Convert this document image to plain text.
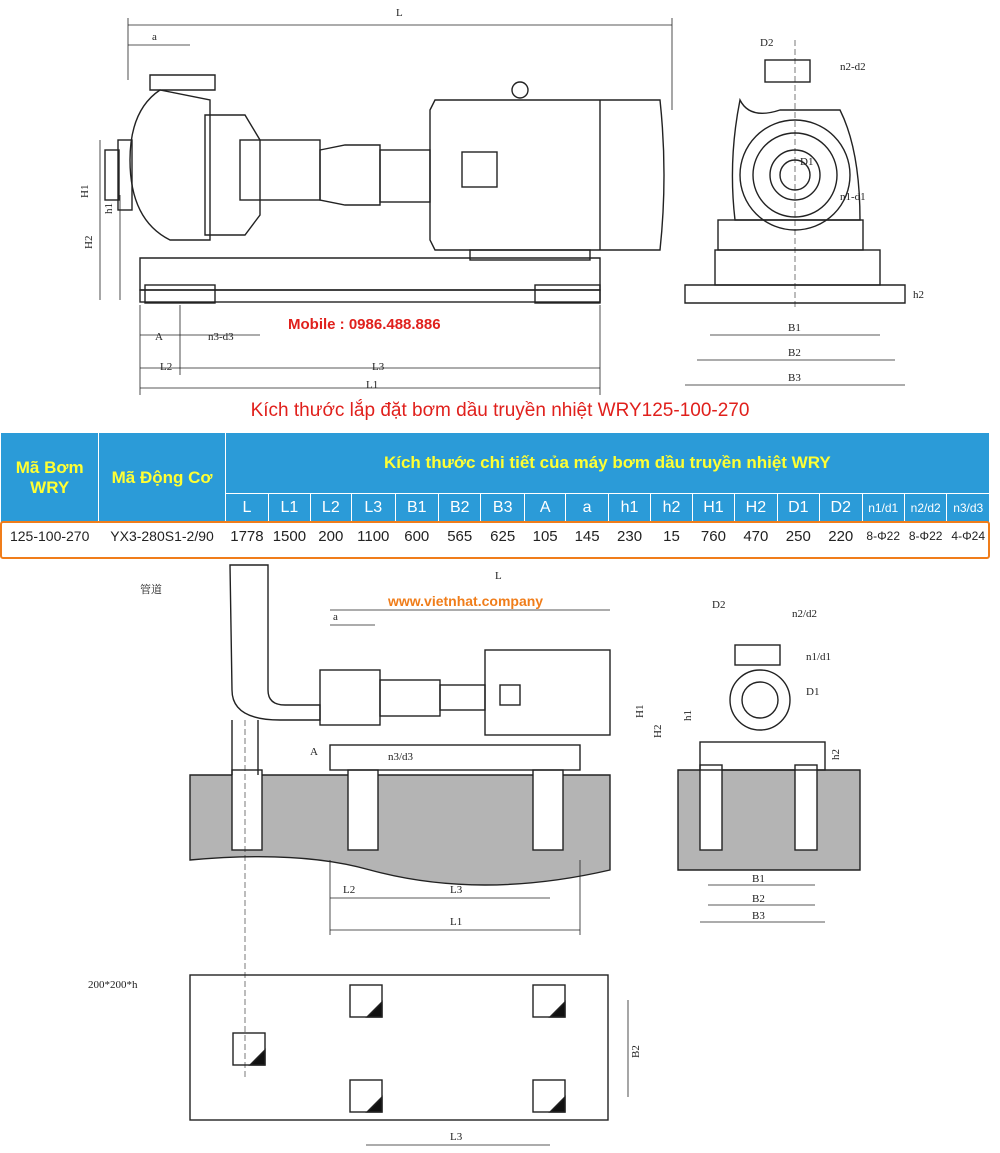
L
a
H1
H2
h1
A	n3-d3
L2	L3
L1
D2
n2-d2
D1
n1-d1
h2
B1
B2
B3
管道
L
a
A	n3/d3
L2	L3
L1
D2
n2/d2
n1/d1
D1
H1
H2
h1
h2
B1
B2
B3
200*200*h
B2
L3
Mobile : 0986.488.886
Kích thước lắp đặt bơm dầu truyền nhiệt WRY125-100-270
www.vietnhat.company
Mã Bơm WRY	Mã Động Cơ	Kích thước chi tiết của máy bơm dầu truyền nhiệt WRY																	
		L	L1	L2	L3	B1	B2	B3	A	a	h1	h2	H1	H2	D1	D2	n1/d1	n2/d2	n3/d3
125-100-270	YX3-280S1-2/90	1778	1500	200	1100	600	565	625	105	145	230	15	760	470	250	220	8-Φ22	8-Φ22	4-Φ24
